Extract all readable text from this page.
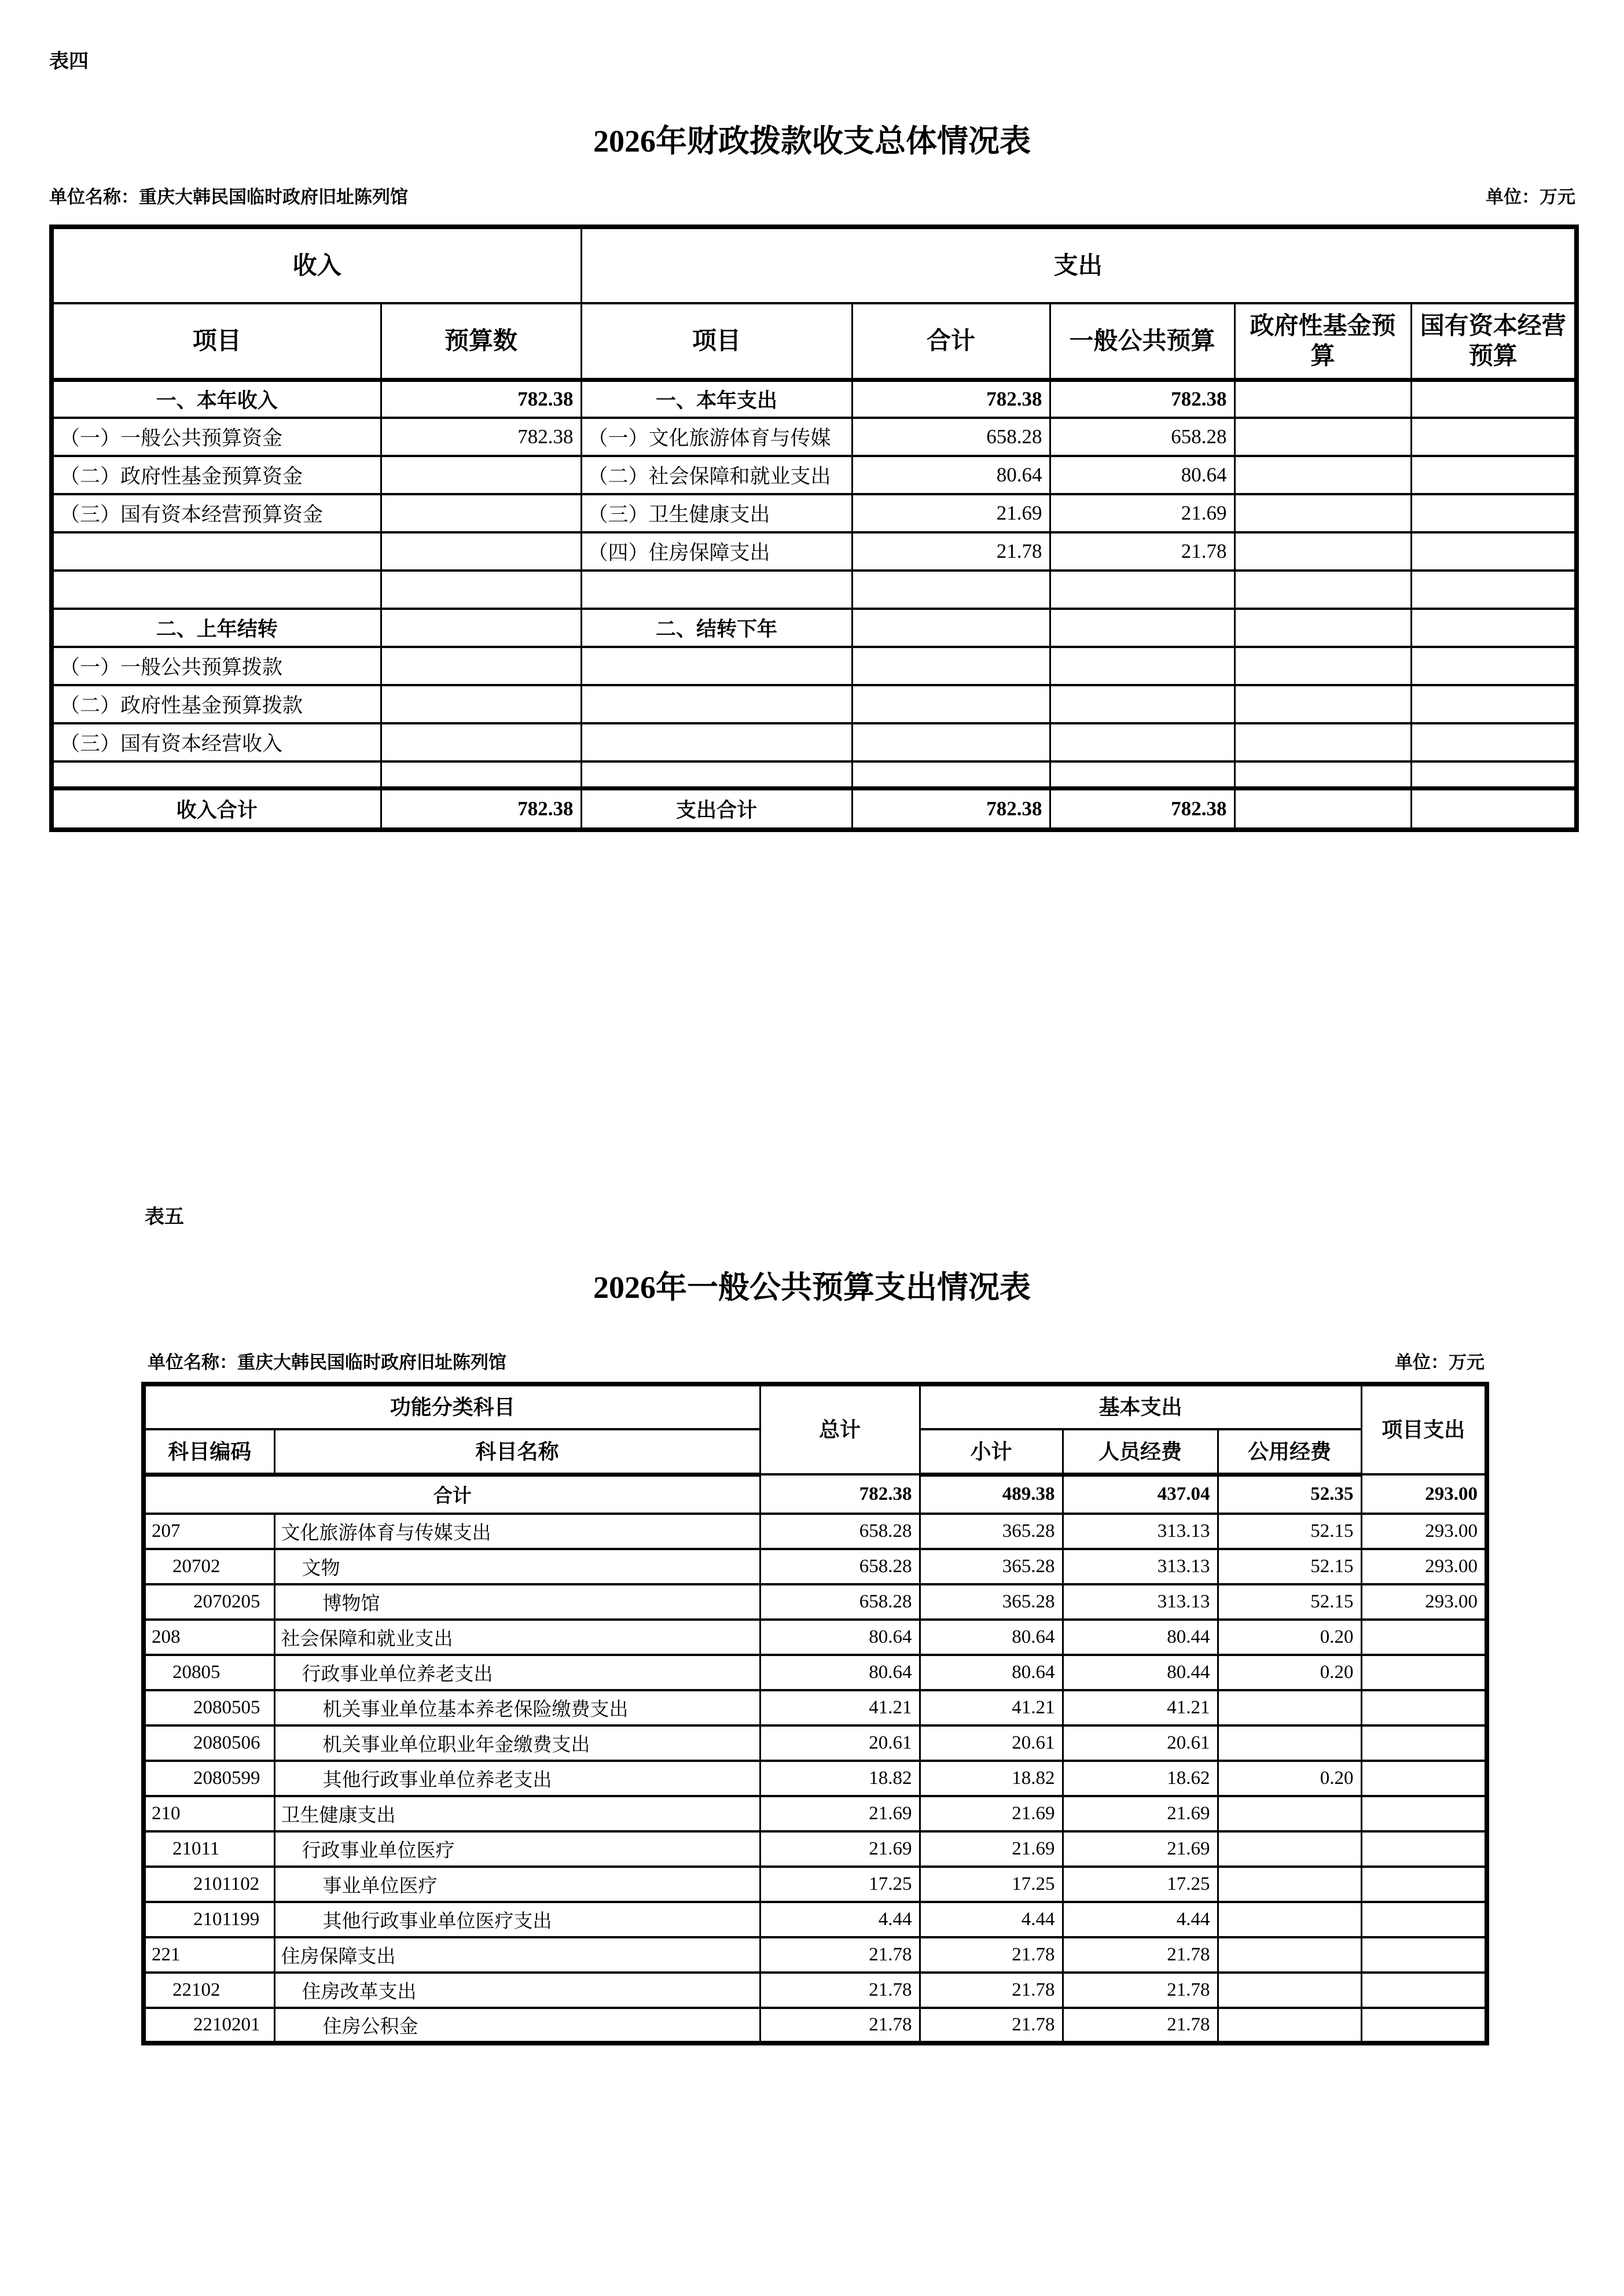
表四
2026年财政拨款收支总体情况表
单位名称：重庆大韩民国临时政府旧址陈列馆	单位：万元
收入		支出				
项目	预算数	项目	合计	一般公共预算	政府性基金预算	国有资本经营预算
一、本年收入	782.38	一、本年支出	782.38	782.38		
（一）一般公共预算资金	782.38	（一）文化旅游体育与传媒	658.28	658.28		
（二）政府性基金预算资金		（二）社会保障和就业支出	80.64	80.64		
（三）国有资本经营预算资金		（三）卫生健康支出	21.69	21.69		
		（四）住房保障支出	21.78	21.78		

二、上年结转		二、结转下年				
（一）一般公共预算拨款						
（二）政府性基金预算拨款						
（三）国有资本经营收入						

收入合计	782.38	支出合计	782.38	782.38		
表五
2026年一般公共预算支出情况表
单位名称：重庆大韩民国临时政府旧址陈列馆	单位：万元
功能分类科目		总计	基本支出			项目支出
科目编码	科目名称		小计	人员经费	公用经费	
合计		782.38	489.38	437.04	52.35	293.00
207	文化旅游体育与传媒支出	658.28	365.28	313.13	52.15	293.00
20702	文物	658.28	365.28	313.13	52.15	293.00
2070205	博物馆	658.28	365.28	313.13	52.15	293.00
208	社会保障和就业支出	80.64	80.64	80.44	0.20	
20805	行政事业单位养老支出	80.64	80.64	80.44	0.20	
2080505	机关事业单位基本养老保险缴费支出	41.21	41.21	41.21		
2080506	机关事业单位职业年金缴费支出	20.61	20.61	20.61		
2080599	其他行政事业单位养老支出	18.82	18.82	18.62	0.20	
210	卫生健康支出	21.69	21.69	21.69		
21011	行政事业单位医疗	21.69	21.69	21.69		
2101102	事业单位医疗	17.25	17.25	17.25		
2101199	其他行政事业单位医疗支出	4.44	4.44	4.44		
221	住房保障支出	21.78	21.78	21.78		
22102	住房改革支出	21.78	21.78	21.78		
2210201	住房公积金	21.78	21.78	21.78		
